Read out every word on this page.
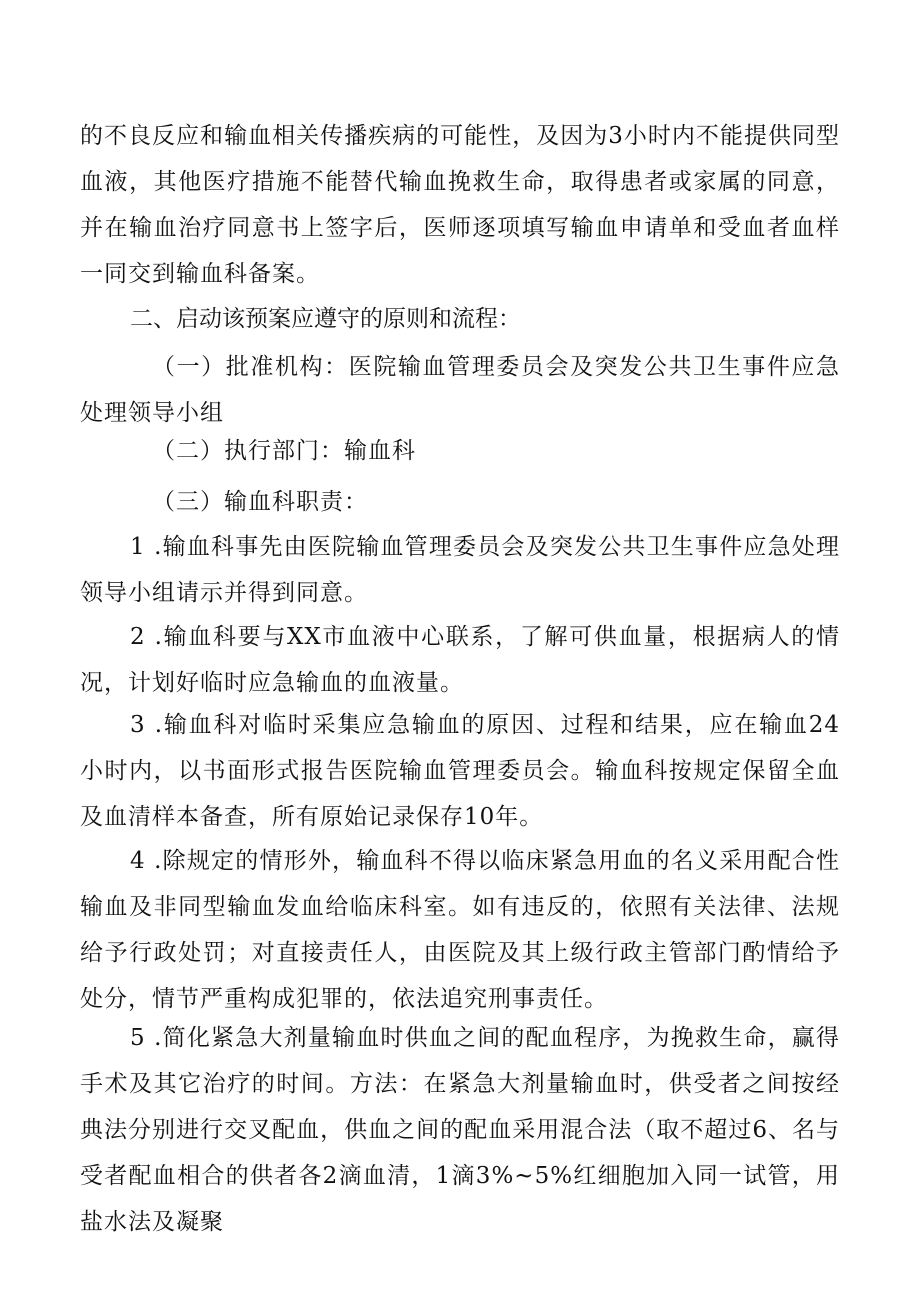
的不良反应和输血相关传播疾病的可能性，及因为3小时内不能提供同型血液，其他医疗措施不能替代输血挽救生命，取得患者或家属的同意，并在输血治疗同意书上签字后，医师逐项填写输血申请单和受血者血样一同交到输血科备案。

二、启动该预案应遵守的原则和流程：

（一）批准机构：医院输血管理委员会及突发公共卫生事件应急处理领导小组

（二）执行部门：输血科

（三）输血科职责：

1 .输血科事先由医院输血管理委员会及突发公共卫生事件应急处理领导小组请示并得到同意。

2 .输血科要与XX市血液中心联系，了解可供血量，根据病人的情况，计划好临时应急输血的血液量。

3 .输血科对临时采集应急输血的原因、过程和结果，应在输血24小时内，以书面形式报告医院输血管理委员会。输血科按规定保留全血及血清样本备查，所有原始记录保存10年。

4 .除规定的情形外，输血科不得以临床紧急用血的名义采用配合性输血及非同型输血发血给临床科室。如有违反的，依照有关法律、法规给予行政处罚；对直接责任人，由医院及其上级行政主管部门酌情给予处分，情节严重构成犯罪的，依法追究刑事责任。

5 .简化紧急大剂量输血时供血之间的配血程序，为挽救生命，赢得手术及其它治疗的时间。方法：在紧急大剂量输血时，供受者之间按经典法分别进行交叉配血，供血之间的配血采用混合法（取不超过6、名与受者配血相合的供者各2滴血清，1滴3%~5%红细胞加入同一试管，用盐水法及凝聚
